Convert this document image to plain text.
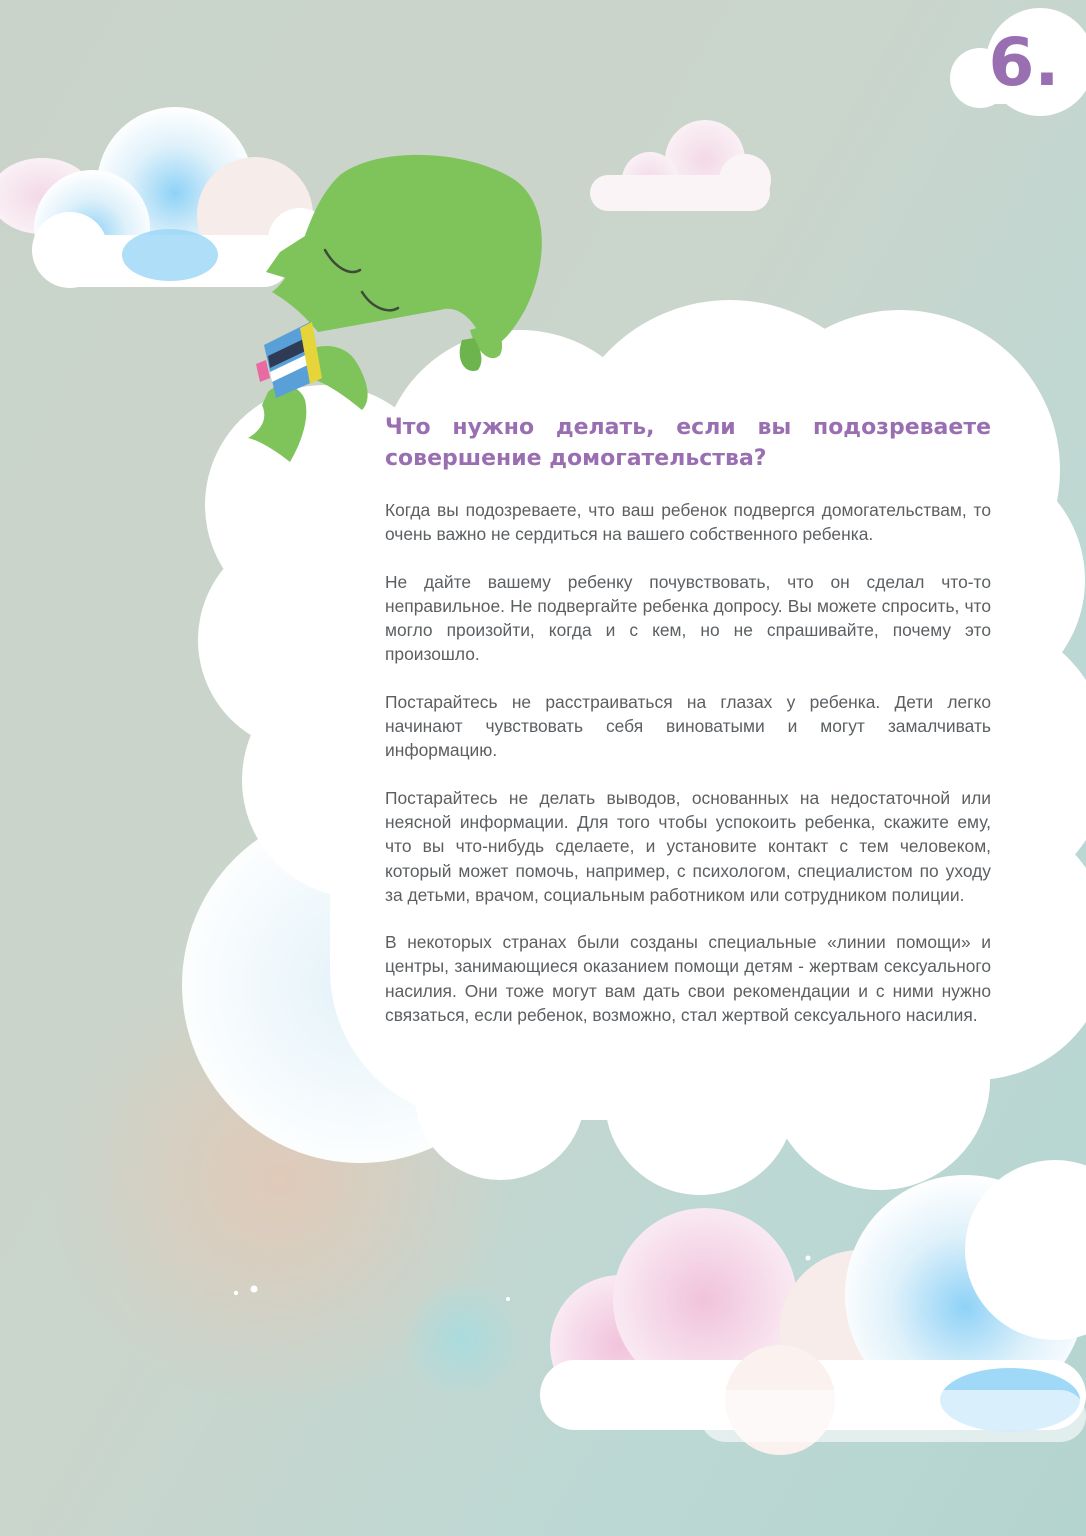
6.
Что нужно делать, если вы подозреваете совершение домогательства?

Когда вы подозреваете, что ваш ребенок подвергся домогательствам, то очень важно не сердиться на вашего собственного ребенка.

Не дайте вашему ребенку почувствовать, что он сделал что-то неправильное. Не подвергайте ребенка допросу. Вы можете спросить, что могло произойти, когда и с кем, но не спрашивайте, почему это произошло.

Постарайтесь не расстраиваться на глазах у ребенка. Дети легко начинают чувствовать себя виноватыми и могут замалчивать информацию.

Постарайтесь не делать выводов, основанных на недостаточной или неясной информации. Для того чтобы успокоить ребенка, скажите ему, что вы что-нибудь сделаете, и установите контакт с тем человеком, который может помочь, например, с психологом, специалистом по уходу за детьми, врачом, социальным работником или сотрудником полиции.

В некоторых странах были созданы специальные «линии помощи» и центры, занимающиеся оказанием помощи детям - жертвам сексуального насилия. Они тоже могут вам дать свои рекомендации и с ними нужно связаться, если ребенок, возможно, стал жертвой сексуального насилия.
